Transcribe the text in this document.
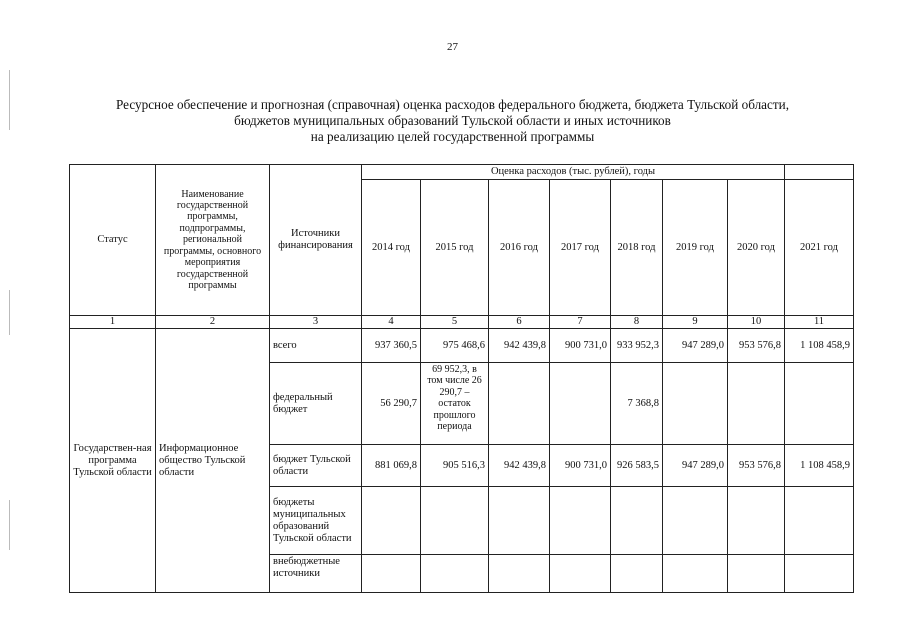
27
Ресурсное обеспечение и прогнозная (справочная) оценка расходов федерального бюджета, бюджета Тульской области,
бюджетов муниципальных образований Тульской области и иных источников
на реализацию целей государственной программы
Статус	Наименование государственной программы, подпрограммы, региональной программы, основного мероприятия государственной программы	Источники финансирования	Оценка расходов (тыс. рублей), годы							
			2014 год	2015 год	2016 год	2017 год	2018 год	2019 год	2020 год	2021 год
1	2	3	4	5	6	7	8	9	10	11
Государствен-ная программа Тульской области	Информационное общество Тульской области	всего	937 360,5	975 468,6	942 439,8	900 731,0	933 952,3	947 289,0	953 576,8	1 108 458,9
		федеральный бюджет	56 290,7	69 952,3, в том числе 26 290,7 – остаток прошлого периода			7 368,8			
		бюджет Тульской области	881 069,8	905 516,3	942 439,8	900 731,0	926 583,5	947 289,0	953 576,8	1 108 458,9
		бюджеты муниципальных образований Тульской области								
		внебюджетные источники								
